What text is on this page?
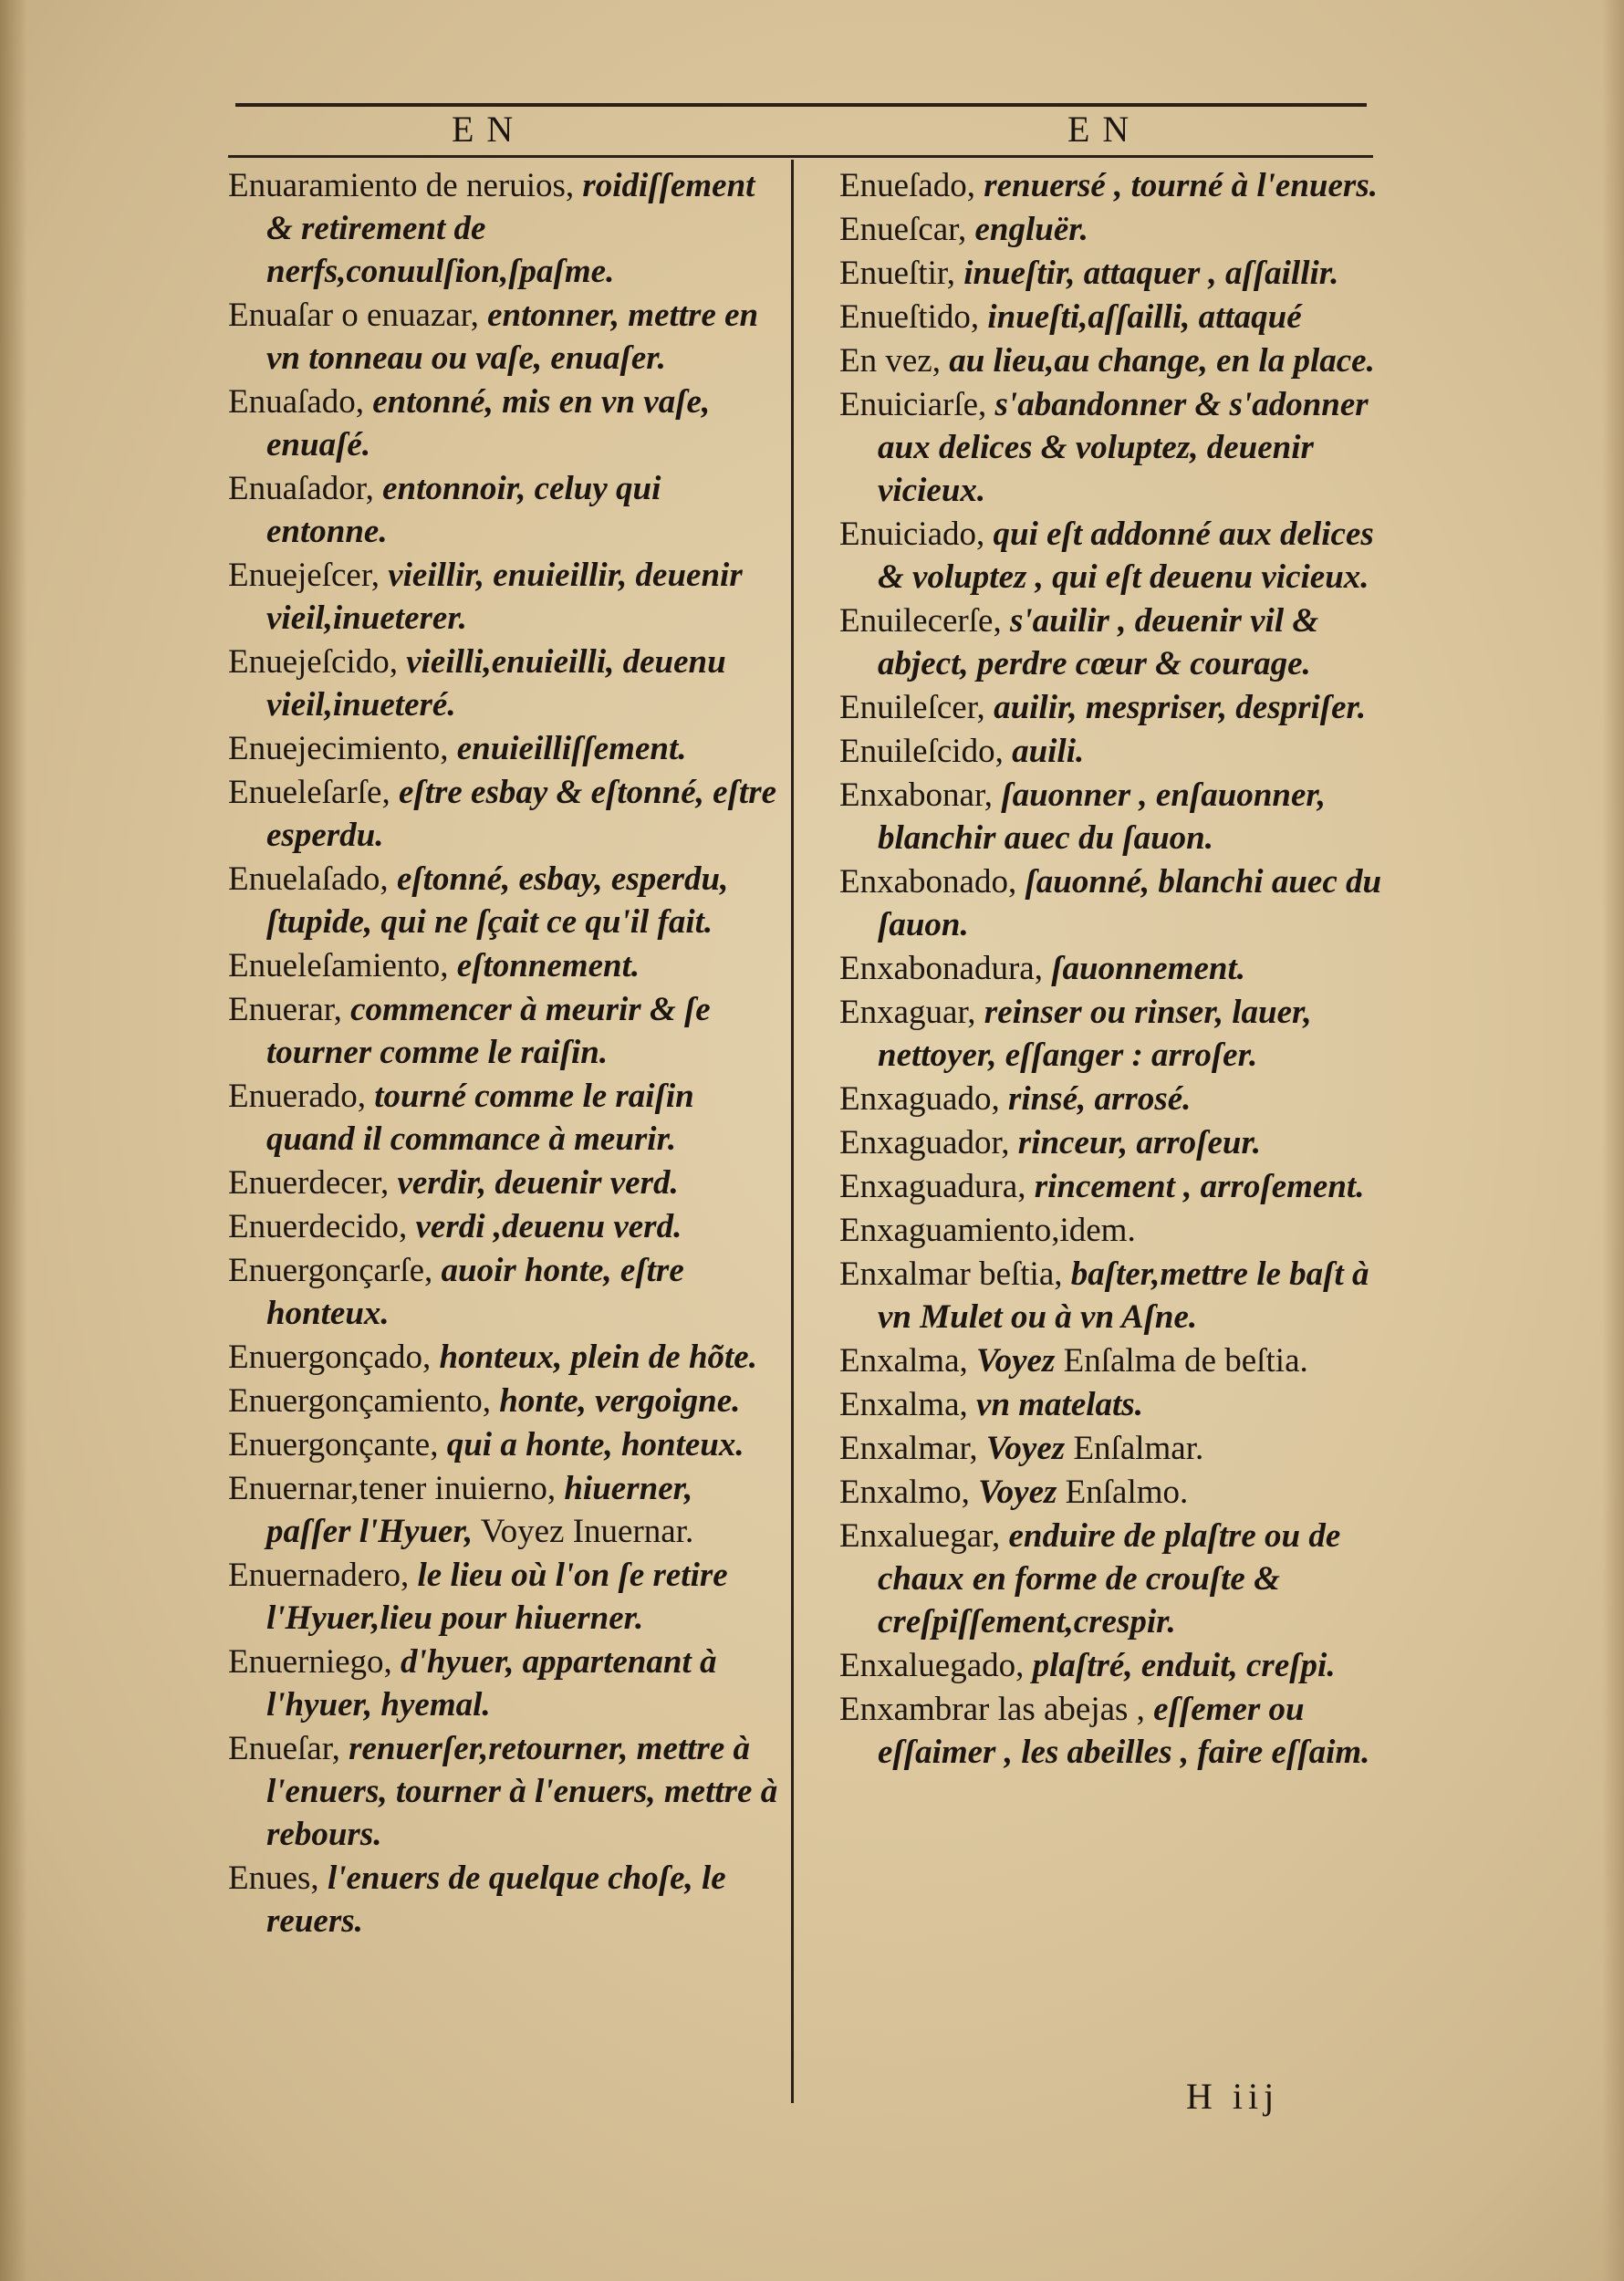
EN	EN

Enuaramiento de neruios, roidiſſement & retirement de nerfs,conuulſion,ſpaſme.

Enuaſar o enuazar, entonner, mettre en vn tonneau ou vaſe, enuaſer.

Enuaſado, entonné, mis en vn vaſe, enuaſé.

Enuaſador, entonnoir, celuy qui entonne.

Enuejeſcer, vieillir, enuieillir, deuenir vieil,inueterer.

Enuejeſcido, vieilli,enuieilli, deuenu vieil,inueteré.

Enuejecimiento, enuieilliſſement.

Enueleſarſe, eſtre esbay & eſtonné, eſtre esperdu.

Enuelaſado, eſtonné, esbay, esperdu, ſtupide, qui ne ſçait ce qu'il fait.

Enueleſamiento, eſtonnement.

Enuerar, commencer à meurir & ſe tourner comme le raiſin.

Enuerado, tourné comme le raiſin quand il commance à meurir.

Enuerdecer, verdir, deuenir verd.

Enuerdecido, verdi ,deuenu verd.

Enuergonçarſe, auoir honte, eſtre honteux.

Enuergonçado, honteux, plein de hõte.

Enuergonçamiento, honte, vergoigne.

Enuergonçante, qui a honte, honteux.

Enuernar,tener inuierno, hiuerner, paſſer l'Hyuer, Voyez Inuernar.

Enuernadero, le lieu où l'on ſe retire l'Hyuer,lieu pour hiuerner.

Enuerniego, d'hyuer, appartenant à l'hyuer, hyemal.

Enueſar, renuerſer,retourner, mettre à l'enuers, tourner à l'enuers, mettre à rebours.

Enues, l'enuers de quelque choſe, le reuers.

Enueſado, renuersé , tourné à l'enuers.

Enueſcar, engluër.

Enueſtir, inueſtir, attaquer , aſſaillir.

Enueſtido, inueſti,aſſailli, attaqué

En vez, au lieu,au change, en la place.

Enuiciarſe, s'abandonner & s'adonner aux delices & voluptez, deuenir vicieux.

Enuiciado, qui eſt addonné aux delices & voluptez , qui eſt deuenu vicieux.

Enuilecerſe, s'auilir , deuenir vil & abject, perdre cœur & courage.

Enuileſcer, auilir, mespriser, despriſer.

Enuileſcido, auili.

Enxabonar, ſauonner , enſauonner, blanchir auec du ſauon.

Enxabonado, ſauonné, blanchi auec du ſauon.

Enxabonadura, ſauonnement.

Enxaguar, reinser ou rinser, lauer, nettoyer, eſſanger : arroſer.

Enxaguado, rinsé, arrosé.

Enxaguador, rinceur, arroſeur.

Enxaguadura, rincement , arroſement.

Enxaguamiento,idem.

Enxalmar beſtia, baſter,mettre le baſt à vn Mulet ou à vn Aſne.

Enxalma, Voyez Enſalma de beſtia.

Enxalma, vn matelats.

Enxalmar, Voyez Enſalmar.

Enxalmo, Voyez Enſalmo.

Enxaluegar, enduire de plaſtre ou de chaux en forme de crouſte & creſpiſſement,crespir.

Enxaluegado, plaſtré, enduit, creſpi.

Enxambrar las abejas , eſſemer ou eſſaimer , les abeilles , faire eſſaim.

H iij
